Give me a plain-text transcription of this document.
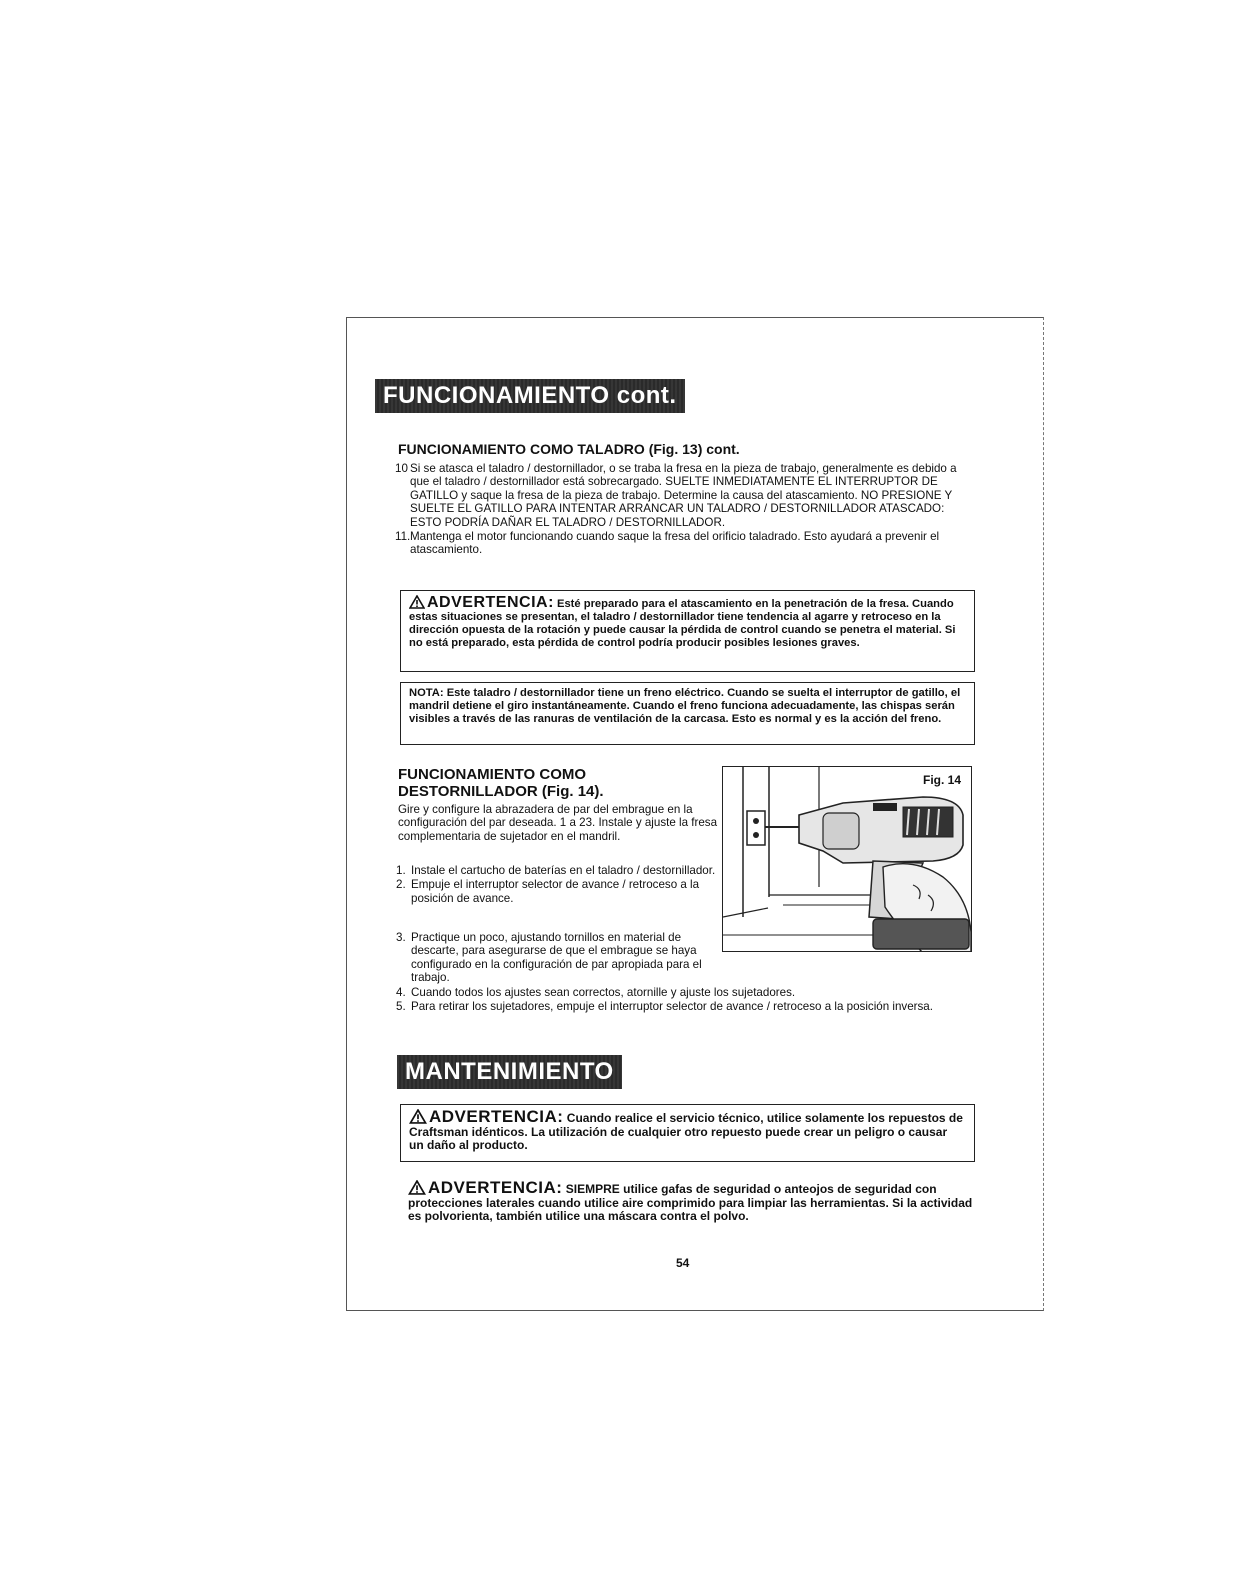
FUNCIONAMIENTO cont.
FUNCIONAMIENTO COMO TALADRO (Fig. 13) cont.
10 Si se atasca el taladro / destornillador, o se traba la fresa en la pieza de trabajo, generalmente es debido a que el taladro / destornillador está sobrecargado. SUELTE INMEDIATAMENTE EL INTERRUPTOR DE GATILLO y saque la fresa de la pieza de trabajo. Determine la causa del atascamiento. NO PRESIONE Y SUELTE EL GATILLO PARA INTENTAR ARRANCAR UN TALADRO / DESTORNILLADOR ATASCADO: ESTO PODRÍA DAÑAR EL TALADRO / DESTORNILLADOR.
11. Mantenga el motor funcionando cuando saque la fresa del orificio taladrado. Esto ayudará a prevenir el atascamiento.
ADVERTENCIA: Esté preparado para el atascamiento en la penetración de la fresa. Cuando estas situaciones se presentan, el taladro / destornillador tiene tendencia al agarre y retroceso en la dirección opuesta de la rotación y puede causar la pérdida de control cuando se penetra el material. Si no está preparado, esta pérdida de control podría producir posibles lesiones graves.
NOTA: Este taladro / destornillador tiene un freno eléctrico. Cuando se suelta el interruptor de gatillo, el mandril detiene el giro instantáneamente. Cuando el freno funciona adecuadamente, las chispas serán visibles a través de las ranuras de ventilación de la carcasa. Esto es normal y es la acción del freno.
FUNCIONAMIENTO COMO
DESTORNILLADOR (Fig. 14).

Gire y configure la abrazadera de par del embrague en la configuración del par deseada. 1 a 23. Instale y ajuste la fresa complementaria de sujetador en el mandril.

1. Instale el cartucho de baterías en el taladro / destornillador.
2. Empuje el interruptor selector de avance / retroceso a la posición de avance.
3. Practique un poco, ajustando tornillos en material de descarte, para asegurarse de que el embrague se haya configurado en la configuración de par apropiada para el trabajo.
4. Cuando todos los ajustes sean correctos, atornille y ajuste los sujetadores.
5. Para retirar los sujetadores, empuje el interruptor selector de avance / retroceso a la posición inversa.
Fig. 14
MANTENIMIENTO
ADVERTENCIA: Cuando realice el servicio técnico, utilice solamente los repuestos de Craftsman idénticos. La utilización de cualquier otro repuesto puede crear un peligro o causar un daño al producto.
ADVERTENCIA: SIEMPRE utilice gafas de seguridad o anteojos de seguridad con protecciones laterales cuando utilice aire comprimido para limpiar las herramientas. Si la actividad es polvorienta, también utilice una máscara contra el polvo.
54
